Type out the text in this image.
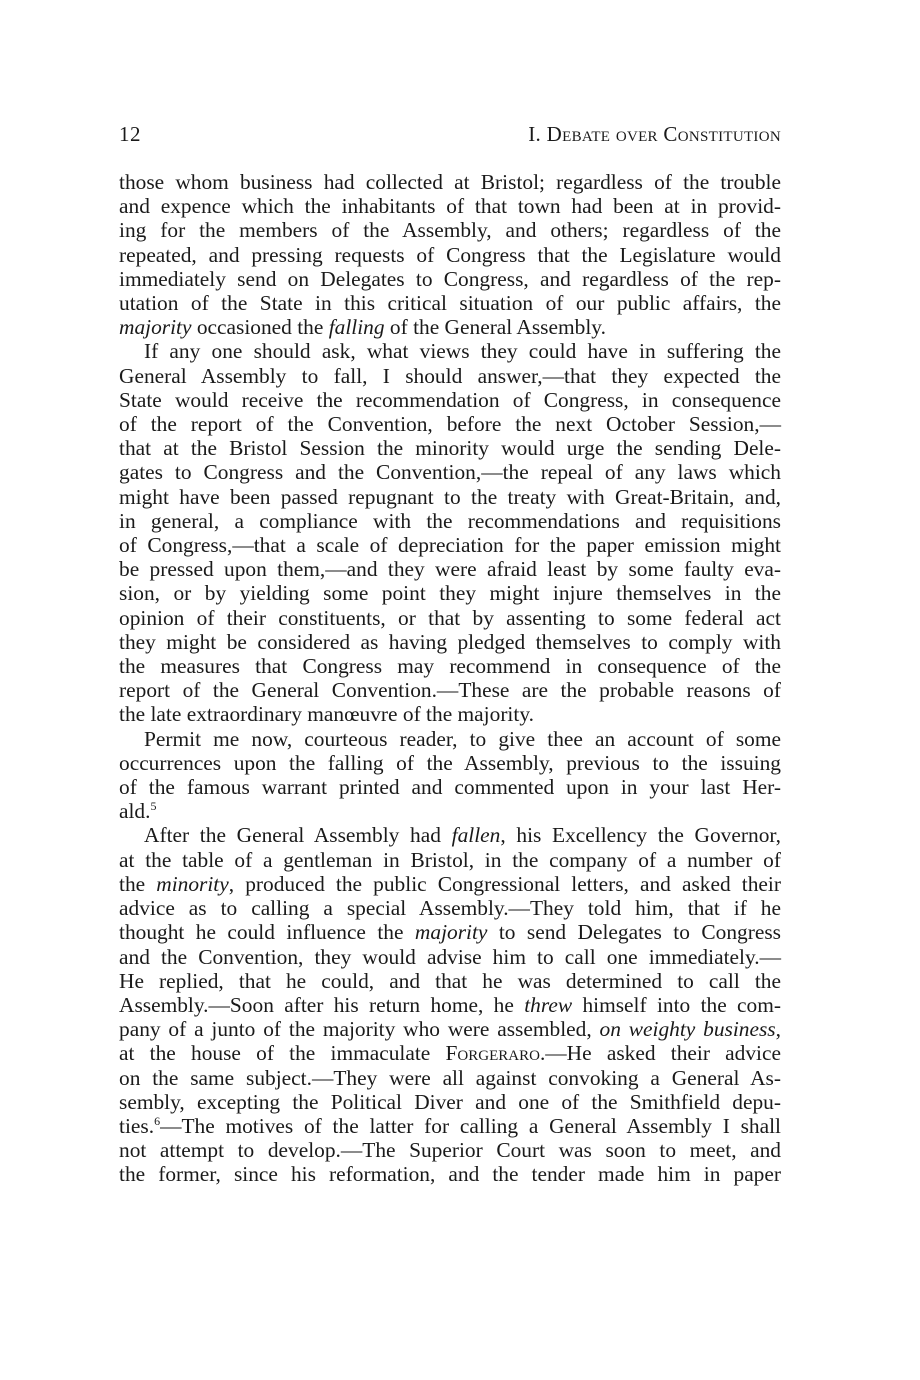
12	I. Debate over Constitution

those whom business had collected at Bristol; regardless of the trouble
and expence which the inhabitants of that town had been at in provid-
ing for the members of the Assembly, and others; regardless of the
repeated, and pressing requests of Congress that the Legislature would
immediately send on Delegates to Congress, and regardless of the rep-
utation of the State in this critical situation of our public affairs, the
majority occasioned the falling of the General Assembly.

If any one should ask, what views they could have in suffering the
General Assembly to fall, I should answer,—that they expected the
State would receive the recommendation of Congress, in consequence
of the report of the Convention, before the next October Session,—
that at the Bristol Session the minority would urge the sending Dele-
gates to Congress and the Convention,—the repeal of any laws which
might have been passed repugnant to the treaty with Great-Britain, and,
in general, a compliance with the recommendations and requisitions
of Congress,—that a scale of depreciation for the paper emission might
be pressed upon them,—and they were afraid least by some faulty eva-
sion, or by yielding some point they might injure themselves in the
opinion of their constituents, or that by assenting to some federal act
they might be considered as having pledged themselves to comply with
the measures that Congress may recommend in consequence of the
report of the General Convention.—These are the probable reasons of
the late extraordinary manœuvre of the majority.

Permit me now, courteous reader, to give thee an account of some
occurrences upon the falling of the Assembly, previous to the issuing
of the famous warrant printed and commented upon in your last Her-
ald.$^5$

After the General Assembly had fallen, his Excellency the Governor,
at the table of a gentleman in Bristol, in the company of a number of
the minority, produced the public Congressional letters, and asked their
advice as to calling a special Assembly.—They told him, that if he
thought he could influence the majority to send Delegates to Congress
and the Convention, they would advise him to call one immediately.—
He replied, that he could, and that he was determined to call the
Assembly.—Soon after his return home, he threw himself into the com-
pany of a junto of the majority who were assembled, on weighty business,
at the house of the immaculate Forgeraro.—He asked their advice
on the same subject.—They were all against convoking a General As-
sembly, excepting the Political Diver and one of the Smithfield depu-
ties.$^6$—The motives of the latter for calling a General Assembly I shall
not attempt to develop.—The Superior Court was soon to meet, and
the former, since his reformation, and the tender made him in paper
